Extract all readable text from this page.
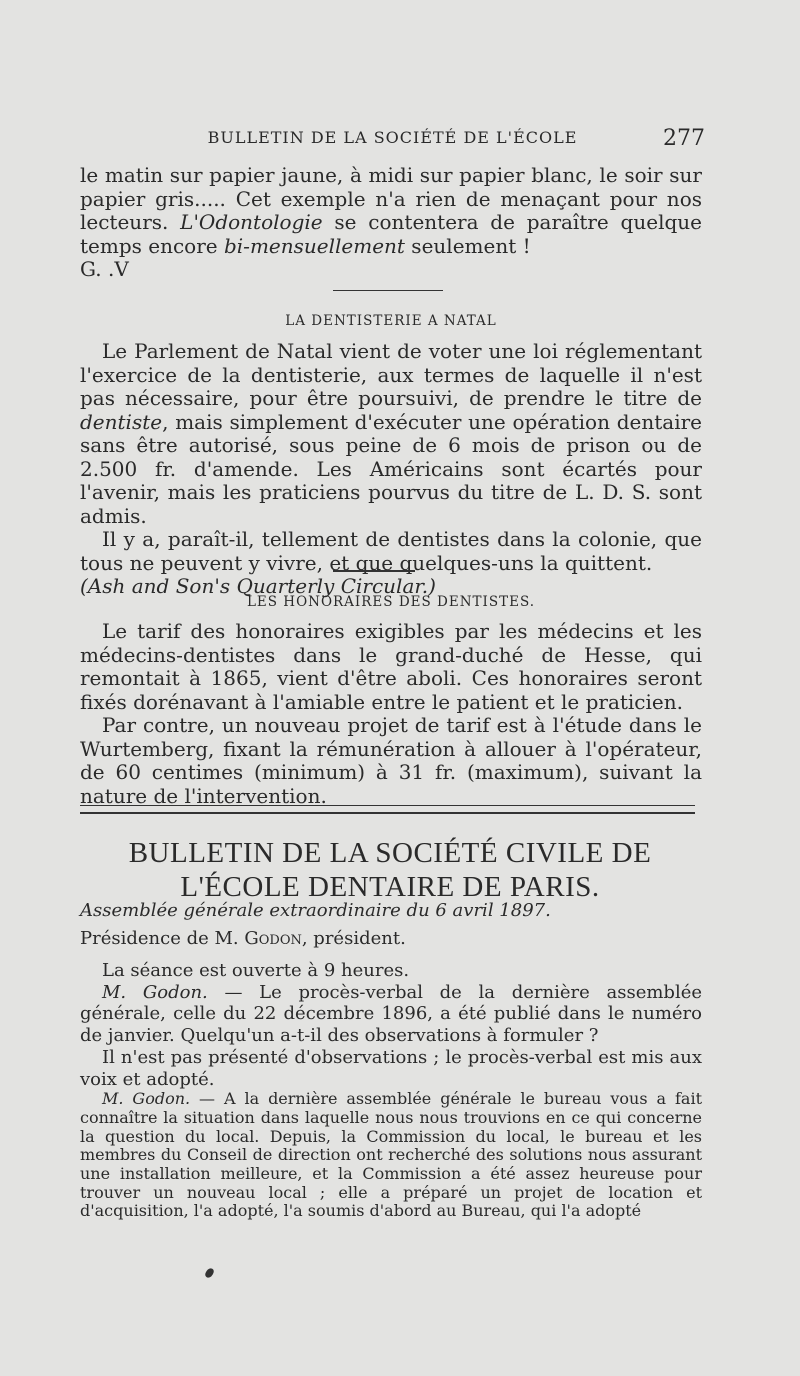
BULLETIN DE LA SOCIÉTÉ DE L'ÉCOLE	277

le matin sur papier jaune, à midi sur papier blanc, le soir sur papier gris..... Cet exemple n'a rien de menaçant pour nos lecteurs. L'Odontologie se contentera de paraître quelque temps encore bi-mensuellement seulement !

G. .V

LA DENTISTERIE A NATAL

Le Parlement de Natal vient de voter une loi réglementant l'exercice de la dentisterie, aux termes de laquelle il n'est pas nécessaire, pour être poursuivi, de prendre le titre de dentiste, mais simplement d'exécuter une opération dentaire sans être autorisé, sous peine de 6 mois de prison ou de 2.500 fr. d'amende. Les Américains sont écartés pour l'avenir, mais les praticiens pourvus du titre de L. D. S. sont admis.

Il y a, paraît-il, tellement de dentistes dans la colonie, que tous ne peuvent y vivre, et que quelques-uns la quittent.

(Ash and Son's Quarterly Circular.)

LES HONORAIRES DES DENTISTES.

Le tarif des honoraires exigibles par les médecins et les médecins-dentistes dans le grand-duché de Hesse, qui remontait à 1865, vient d'être aboli. Ces honoraires seront fixés dorénavant à l'amiable entre le patient et le praticien.

Par contre, un nouveau projet de tarif est à l'étude dans le Wurtemberg, fixant la rémunération à allouer à l'opérateur, de 60 centimes (minimum) à 31 fr. (maximum), suivant la nature de l'intervention.

BULLETIN DE LA SOCIÉTÉ CIVILE DE L'ÉCOLE DENTAIRE DE PARIS.

Assemblée générale extraordinaire du 6 avril 1897.

Présidence de M. Godon, président.

La séance est ouverte à 9 heures.

M. Godon. — Le procès-verbal de la dernière assemblée générale, celle du 22 décembre 1896, a été publié dans le numéro de janvier. Quelqu'un a-t-il des observations à formuler ?

Il n'est pas présenté d'observations ; le procès-verbal est mis aux voix et adopté.

M. Godon. — A la dernière assemblée générale le bureau vous a fait connaître la situation dans laquelle nous nous trouvions en ce qui concerne la question du local. Depuis, la Commission du local, le bureau et les membres du Conseil de direction ont recherché des solutions nous assurant une installation meilleure, et la Commission a été assez heureuse pour trouver un nouveau local ; elle a préparé un projet de location et d'acquisition, l'a adopté, l'a soumis d'abord au Bureau, qui l'a adopté
